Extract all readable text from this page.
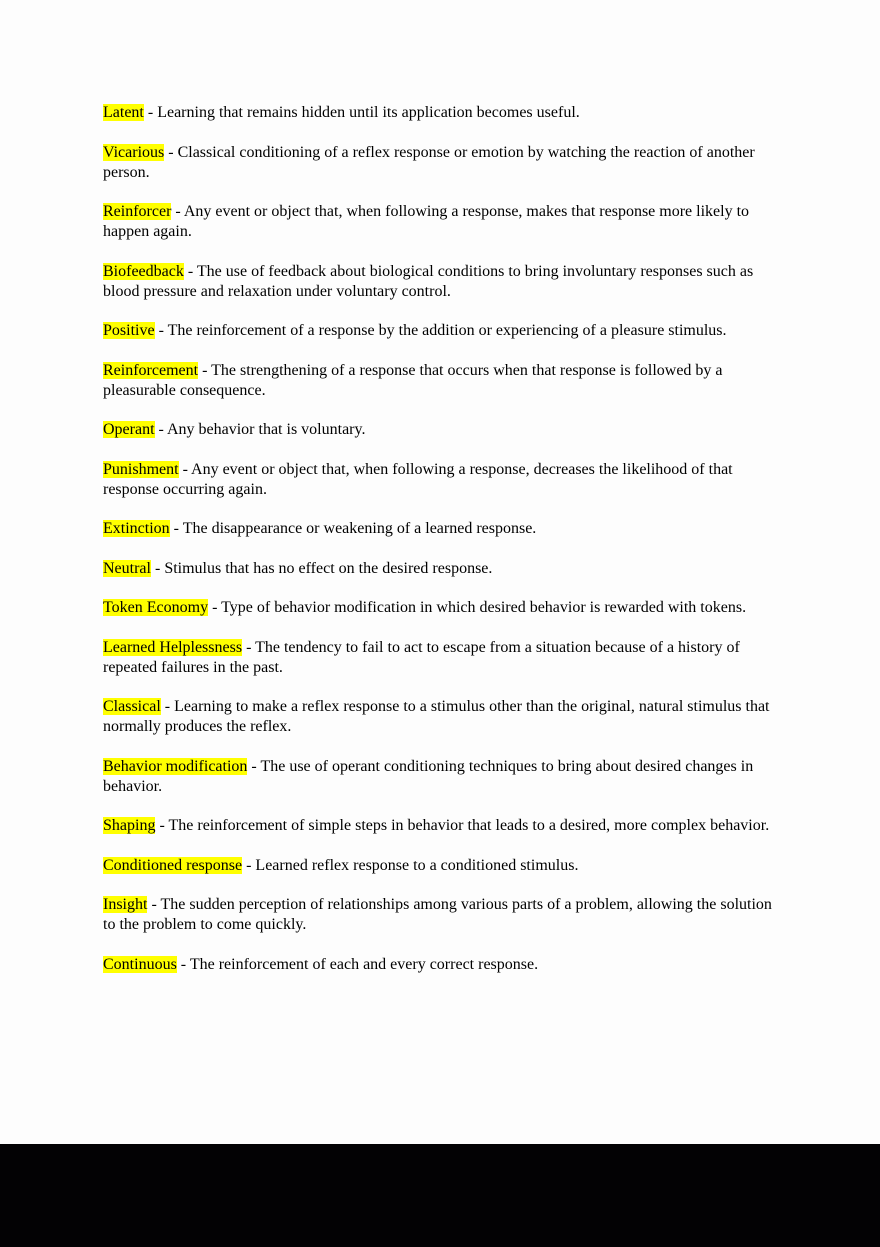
Latent - Learning that remains hidden until its application becomes useful.

Vicarious - Classical conditioning of a reflex response or emotion by watching the reaction of another person.

Reinforcer - Any event or object that, when following a response, makes that response more likely to happen again.

Biofeedback - The use of feedback about biological conditions to bring involuntary responses such as blood pressure and relaxation under voluntary control.

Positive - The reinforcement of a response by the addition or experiencing of a pleasure stimulus.

Reinforcement - The strengthening of a response that occurs when that response is followed by a pleasurable consequence.

Operant - Any behavior that is voluntary.

Punishment - Any event or object that, when following a response, decreases the likelihood of that response occurring again.

Extinction - The disappearance or weakening of a learned response.

Neutral - Stimulus that has no effect on the desired response.

Token Economy - Type of behavior modification in which desired behavior is rewarded with tokens.

Learned Helplessness - The tendency to fail to act to escape from a situation because of a history of repeated failures in the past.

Classical - Learning to make a reflex response to a stimulus other than the original, natural stimulus that normally produces the reflex.

Behavior modification - The use of operant conditioning techniques to bring about desired changes in behavior.

Shaping - The reinforcement of simple steps in behavior that leads to a desired, more complex behavior.

Conditioned response - Learned reflex response to a conditioned stimulus.

Insight - The sudden perception of relationships among various parts of a problem, allowing the solution to the problem to come quickly.

Continuous - The reinforcement of each and every correct response.
